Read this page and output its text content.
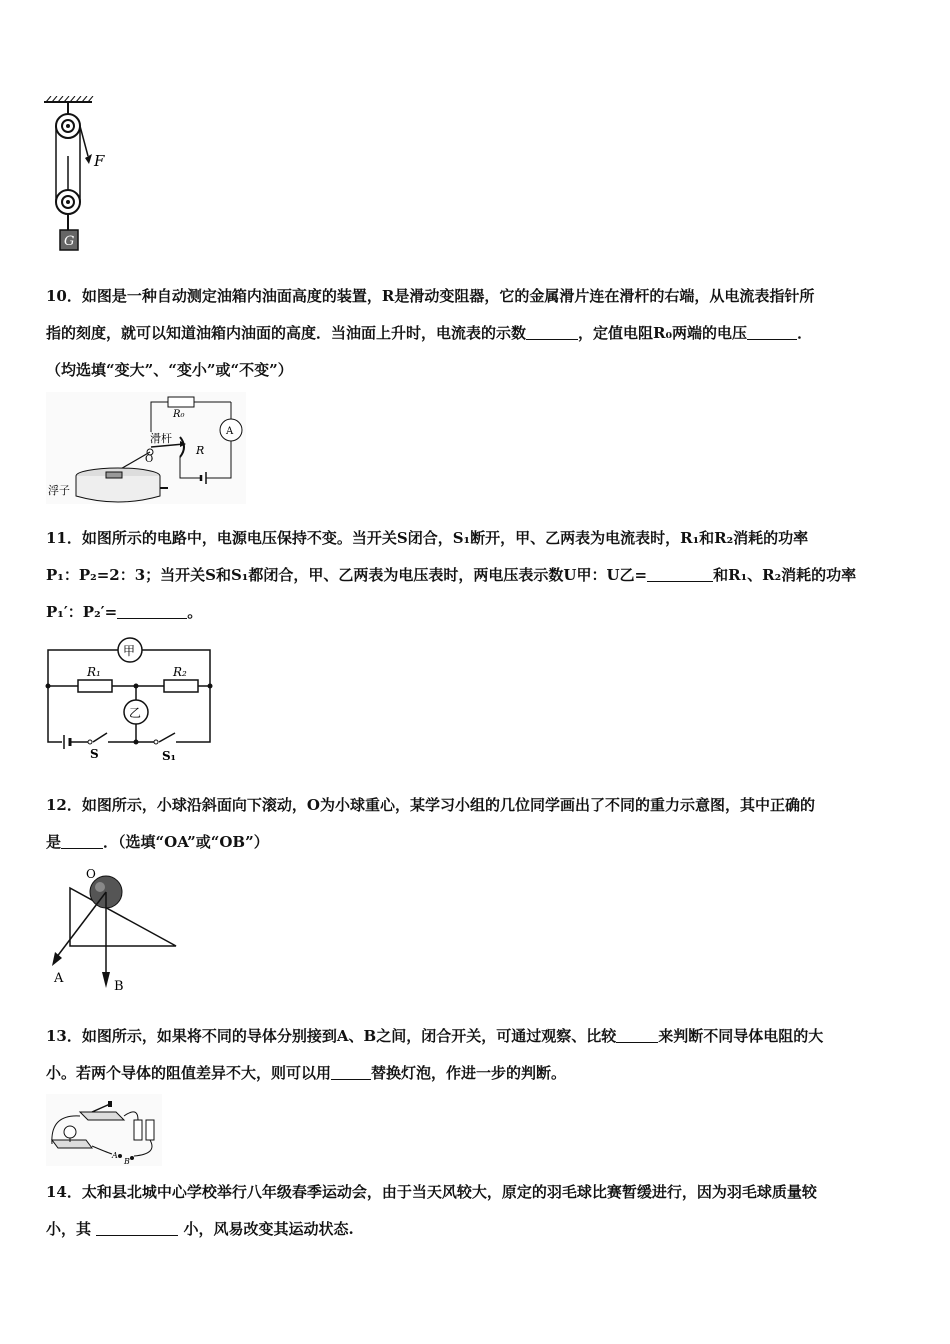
F
G

10．如图是一种自动测定油箱内油面高度的装置，R是滑动变阻器，它的金属滑片连在滑杆的右端，从电流表指针所

指的刻度，就可以知道油箱内油面的高度．当油面上升时，电流表的示数	，定值电阻R₀两端的电压	．

（均选填“变大”、“变小”或“不变”）

R₀
A
R
滑杆
O
浮子

11．如图所示的电路中，电源电压保持不变。当开关S闭合，S₁断开，甲、乙两表为电流表时，R₁和R₂消耗的功率

P₁：P₂=2：3；当开关S和S₁都闭合，甲、乙两表为电压表时，两电压表示数U甲：U乙=	和R₁、R₂消耗的功率

P₁′：P₂′=	。

甲
乙
R₁	R₂
S	S₁

12．如图所示，小球沿斜面向下滚动，O为小球重心，某学习小组的几位同学画出了不同的重力示意图，其中正确的

是	．（选填“OA”或“OB”）

O
A
B

13．如图所示，如果将不同的导体分别接到A、B之间，闭合开关，可通过观察、比较	来判断不同导体电阻的大

小。若两个导体的阻值差异不大，则可以用	替换灯泡，作进一步的判断。

A
B

14．太和县北城中心学校举行八年级春季运动会，由于当天风较大，原定的羽毛球比赛暂缓进行，因为羽毛球质量较

小，其	小，风易改变其运动状态.
